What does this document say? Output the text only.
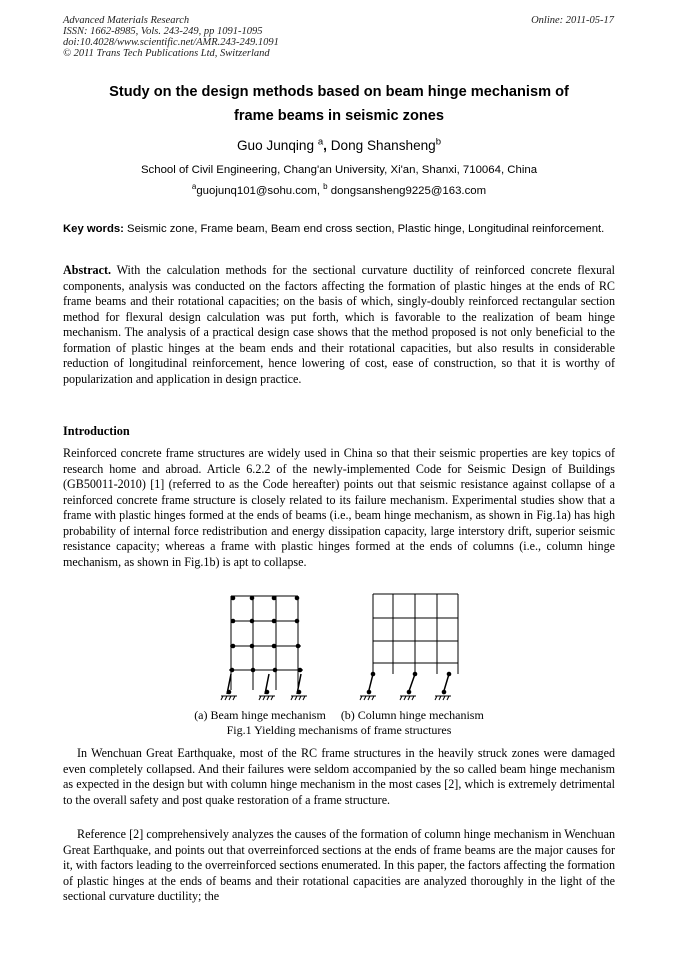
Advanced Materials Research
ISSN: 1662-8985, Vols. 243-249, pp 1091-1095
doi:10.4028/www.scientific.net/AMR.243-249.1091
© 2011 Trans Tech Publications Ltd, Switzerland
Online: 2011-05-17
Study on the design methods based on beam hinge mechanism of
frame beams in seismic zones
Guo Junqing $^a$, Dong Shansheng$^b$
School of Civil Engineering, Chang'an University, Xi'an, Shanxi, 710064, China
$^a$guojunq101@sohu.com, $^b$ dongsansheng9225@163.com
Key words: Seismic zone, Frame beam, Beam end cross section, Plastic hinge, Longitudinal reinforcement.
Abstract. With the calculation methods for the sectional curvature ductility of reinforced concrete flexural components, analysis was conducted on the factors affecting the formation of plastic hinges at the ends of RC frame beams and their rotational capacities; on the basis of which, singly-doubly reinforced rectangular section method for flexural design calculation was put forth, which is favorable to the realization of beam hinge mechanism. The analysis of a practical design case shows that the method proposed is not only beneficial to the formation of plastic hinges at the beam ends and their rotational capacities, but also results in considerable reduction of longitudinal reinforcement, hence lowering of cost, ease of construction, so that it is worthy of popularization and application in design practice.
Introduction
Reinforced concrete frame structures are widely used in China so that their seismic properties are key topics of research home and abroad. Article 6.2.2 of the newly-implemented Code for Seismic Design of Buildings (GB50011-2010) [1] (referred to as the Code hereafter) points out that seismic resistance against collapse of a reinforced concrete frame structure is closely related to its failure mechanism. Experimental studies show that a frame with plastic hinges formed at the ends of beams (i.e., beam hinge mechanism, as shown in Fig.1a) has high probability of internal force redistribution and energy dissipation capacity, large interstory drift, superior seismic resistance capacity; whereas a frame with plastic hinges formed at the ends of columns (i.e., column hinge mechanism, as shown in Fig.1b) is apt to collapse.
(a) Beam hinge mechanism (b) Column hinge mechanism
Fig.1 Yielding mechanisms of frame structures
In Wenchuan Great Earthquake, most of the RC frame structures in the heavily struck zones were damaged even completely collapsed. And their failures were seldom accompanied by the so called beam hinge mechanism as expected in the design but with column hinge mechanism in the most cases [2], which is extremely detrimental to the overall safety and post quake restoration of a frame structure.
Reference [2] comprehensively analyzes the causes of the formation of column hinge mechanism in Wenchuan Great Earthquake, and points out that overreinforced sections at the ends of frame beams are the major causes for it, with factors leading to the overreinforced sections enumerated. In this paper, the factors affecting the formation of plastic hinges at the ends of beams and their rotational capacities are analyzed thoroughly in the light of the sectional curvature ductility; the
